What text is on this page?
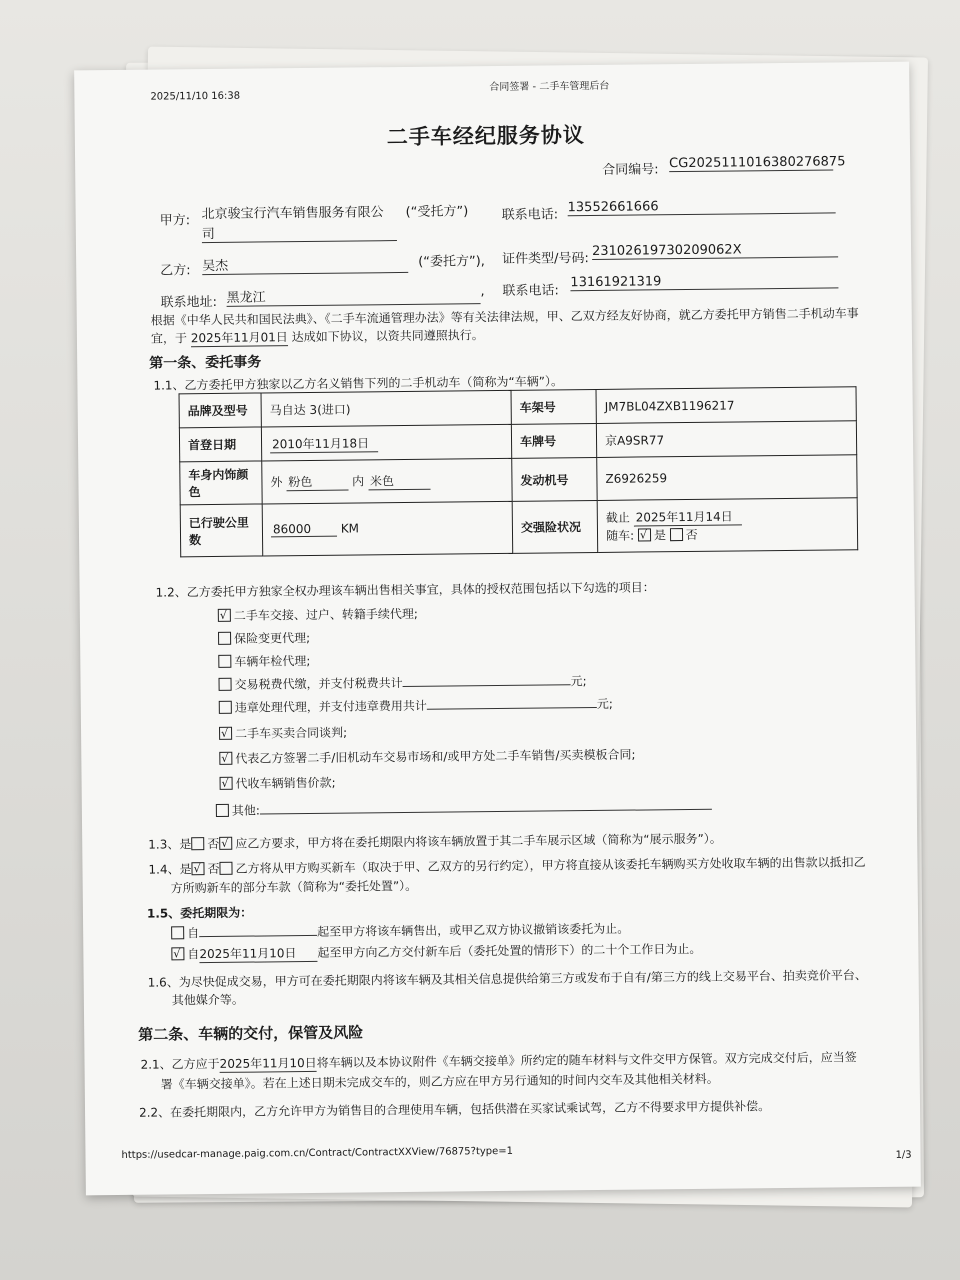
2025/11/10 16:38
合同签署 - 二手车管理后台
二手车经纪服务协议
合同编号: CG2025111016380276875
甲方: 北京骏宝行汽车销售服务有限公
司
(“受托方”)	联系电话: 13552661666
乙方: 吴杰	(“委托方”), 证件类型/号码: 23102619730209062X
联系地址: 黑龙江	, 联系电话:
13161921319
根据《中华人民共和国民法典》、《二手车流通管理办法》等有关法律法规，甲、乙双方经友好协商，就乙方委托甲方销售二手机动车事
宜，于 2025年11月01日 达成如下协议，以资共同遵照执行。
第一条、委托事务
1.1、乙方委托甲方独家以乙方名义销售下列的二手机动车（简称为“车辆”）。
品牌及型号	马自达 3(进口)	车架号	JM7BL04ZXB1196217
首登日期	2010年11月18日	车牌号	京A9SR77
车身内饰颜
色	外 粉色 内 米色	发动机号	Z6926259
已行驶公里
数	86000 KM	交强险状况	截止 2025年11月14日
随车: √ 是 否
1.2、乙方委托甲方独家全权办理该车辆出售相关事宜，具体的授权范围包括以下勾选的项目：
√二手车交接、过户、转籍手续代理;
保险变更代理;
车辆年检代理;
交易税费代缴，并支付税费共计	元;
违章处理代理，并支付违章费用共计	元;
√二手车买卖合同谈判;
√代表乙方签署二手/旧机动车交易市场和/或甲方处二手车销售/买卖模板合同;
√代收车辆销售价款;
其他:
1.3、是 否 √ 应乙方要求，甲方将在委托期限内将该车辆放置于其二手车展示区域（简称为“展示服务”）。
1.4、是 √ 否 乙方将从甲方购买新车（取决于甲、乙双方的另行约定），甲方将直接从该委托车辆购买方处收取车辆的出售款以抵扣乙
方所购新车的部分车款（简称为“委托处置”）。
1.5、委托期限为：
自	起至甲方将该车辆售出，或甲乙双方协议撤销该委托为止。
√自2025年11月10日 起至甲方向乙方交付新车后（委托处置的情形下）的二十个工作日为止。
1.6、为尽快促成交易，甲方可在委托期限内将该车辆及其相关信息提供给第三方或发布于自有/第三方的线上交易平台、拍卖竞价平台、
其他媒介等。
第二条、车辆的交付，保管及风险
2.1、乙方应于2025年11月10日将车辆以及本协议附件《车辆交接单》所约定的随车材料与文件交甲方保管。双方完成交付后，应当签
署《车辆交接单》。若在上述日期未完成交车的，则乙方应在甲方另行通知的时间内交车及其他相关材料。
2.2、在委托期限内，乙方允许甲方为销售目的合理使用车辆，包括供潜在买家试乘试驾，乙方不得要求甲方提供补偿。
https://usedcar-manage.paig.com.cn/Contract/ContractXXView/76875?type=1	1/3
